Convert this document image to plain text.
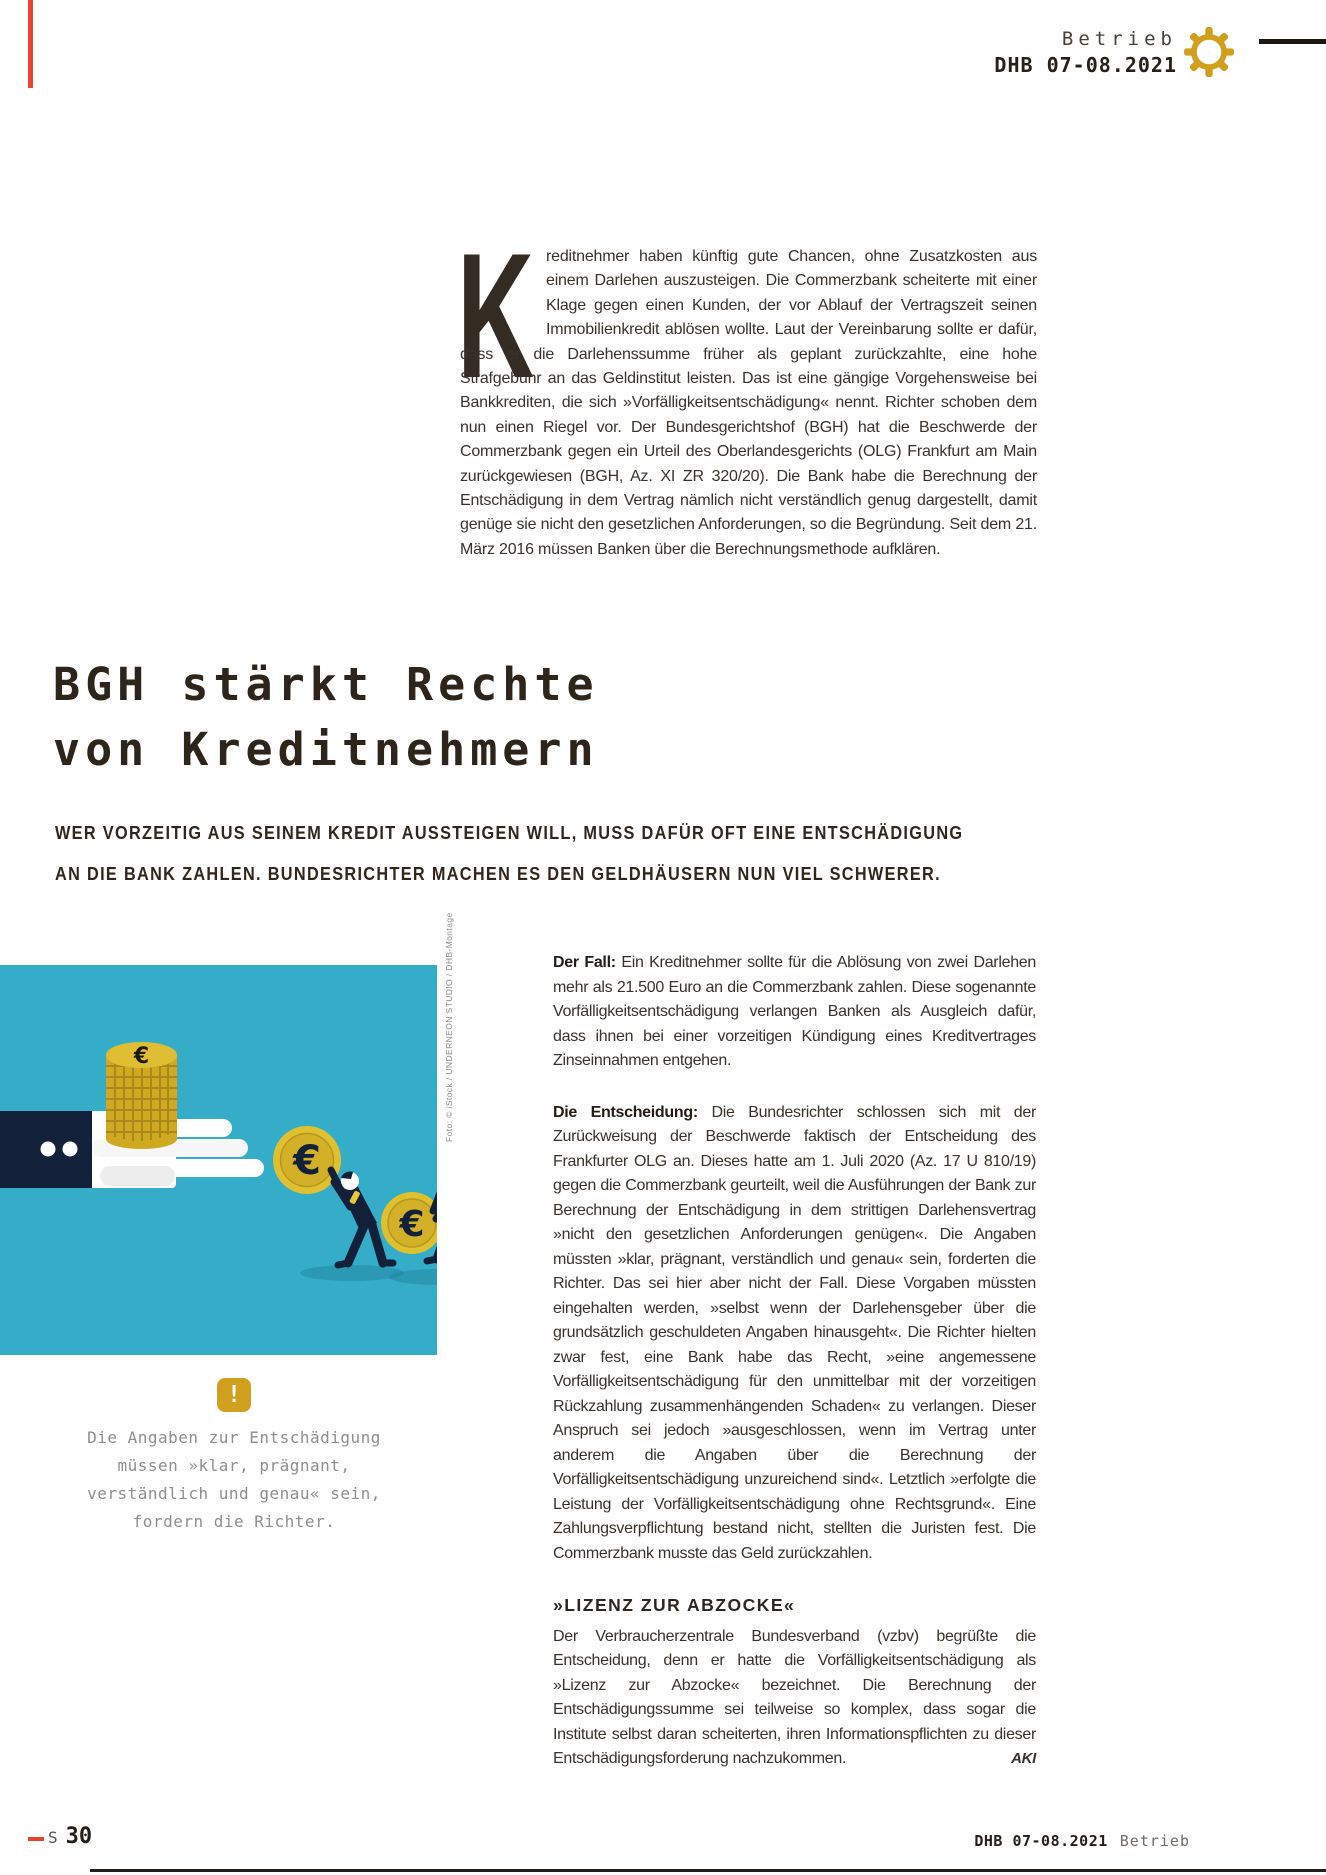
Betrieb
DHB 07-08.2021
K reditnehmer haben künftig gute Chancen, ohne Zusatzkosten aus einem Darlehen auszusteigen. Die Commerzbank scheiterte mit einer Klage gegen einen Kunden, der vor Ablauf der Vertragszeit seinen Immobilienkredit ablösen wollte. Laut der Vereinbarung sollte er dafür, dass er die Darlehenssumme früher als geplant zurückzahlte, eine hohe Strafgebühr an das Geldinstitut leisten. Das ist eine gängige Vorgehensweise bei Bankkrediten, die sich »Vorfälligkeitsentschädigung« nennt. Richter schoben dem nun einen Riegel vor. Der Bundesgerichtshof (BGH) hat die Beschwerde der Commerzbank gegen ein Urteil des Oberlandesgerichts (OLG) Frankfurt am Main zurückgewiesen (BGH, Az. XI ZR 320/20). Die Bank habe die Berechnung der Entschädigung in dem Vertrag nämlich nicht verständlich genug dargestellt, damit genüge sie nicht den gesetzlichen Anforderungen, so die Begründung. Seit dem 21. März 2016 müssen Banken über die Berechnungsmethode aufklären.

BGH stärkt Rechte
von Kreditnehmern
WER VORZEITIG AUS SEINEM KREDIT AUSSTEIGEN WILL, MUSS DAFÜR OFT EINE ENTSCHÄDIGUNG
AN DIE BANK ZAHLEN. BUNDESRICHTER MACHEN ES DEN GELDHÄUSERN NUN VIEL SCHWERER.
€
€
€
Foto: © iStock / UNDERNEON STUDIO / DHB-Montage
!
Die Angaben zur Entschädigung müssen »klar, prägnant, verständlich und genau« sein, fordern die Richter.

Der Fall: Ein Kreditnehmer sollte für die Ablösung von zwei Darlehen mehr als 21.500 Euro an die Commerzbank zahlen. Diese sogenannte Vorfälligkeitsentschädigung verlangen Banken als Ausgleich dafür, dass ihnen bei einer vorzeitigen Kündigung eines Kreditvertrages Zinseinnahmen entgehen.

Die Entscheidung: Die Bundesrichter schlossen sich mit der Zurückweisung der Beschwerde faktisch der Entscheidung des Frankfurter OLG an. Dieses hatte am 1. Juli 2020 (Az. 17 U 810/19) gegen die Commerzbank geurteilt, weil die Ausführungen der Bank zur Berechnung der Entschädigung in dem strittigen Darlehensvertrag »nicht den gesetzlichen Anforderungen genügen«. Die Angaben müssten »klar, prägnant, verständlich und genau« sein, forderten die Richter. Das sei hier aber nicht der Fall. Diese Vorgaben müssten eingehalten werden, »selbst wenn der Darlehensgeber über die grundsätzlich geschuldeten Angaben hinausgeht«. Die Richter hielten zwar fest, eine Bank habe das Recht, »eine angemessene Vorfälligkeitsentschädigung für den unmittelbar mit der vorzeitigen Rückzahlung zusammenhängenden Schaden« zu verlangen. Dieser Anspruch sei jedoch »ausgeschlossen, wenn im Vertrag unter anderem die Angaben über die Berechnung der Vorfälligkeitsentschädigung unzureichend sind«. Letztlich »erfolgte die Leistung der Vorfälligkeitsentschädigung ohne Rechtsgrund«. Eine Zahlungsverpflichtung bestand nicht, stellten die Juristen fest. Die Commerzbank musste das Geld zurückzahlen.

»LIZENZ ZUR ABZOCKE«

Der Verbraucherzentrale Bundesverband (vzbv) begrüßte die Entscheidung, denn er hatte die Vorfälligkeitsentschädigung als »Lizenz zur Abzocke« bezeichnet. Die Berechnung der Entschädigungssumme sei teilweise so komplex, dass sogar die Institute selbst daran scheiterten, ihren Informationspflichten zu dieser Entschädigungsforderung nachzukommen.	AKI

S 30	DHB 07-08.2021 Betrieb
